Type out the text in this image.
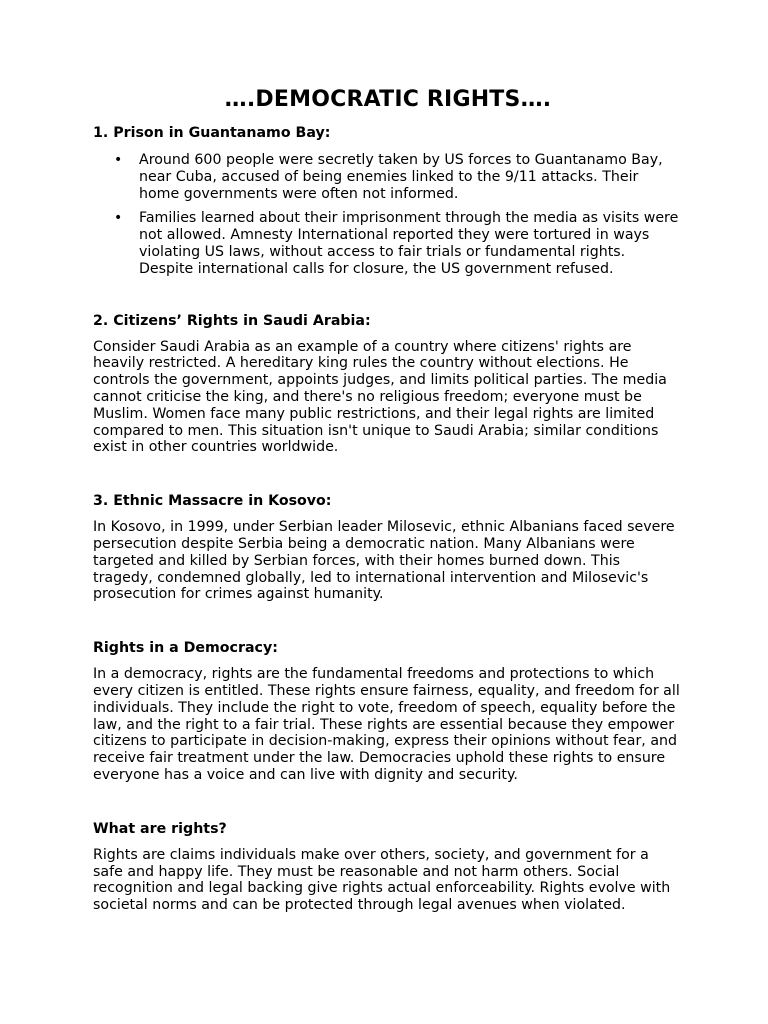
….DEMOCRATIC RIGHTS….
1. Prison in Guantanamo Bay:
• Around 600 people were secretly taken by US forces to Guantanamo Bay, near Cuba, accused of being enemies linked to the 9/11 attacks. Their home governments were often not informed.
• Families learned about their imprisonment through the media as visits were not allowed. Amnesty International reported they were tortured in ways violating US laws, without access to fair trials or fundamental rights. Despite international calls for closure, the US government refused.
2. Citizens’ Rights in Saudi Arabia:

Consider Saudi Arabia as an example of a country where citizens' rights are heavily restricted. A hereditary king rules the country without elections. He controls the government, appoints judges, and limits political parties. The media cannot criticise the king, and there's no religious freedom; everyone must be Muslim. Women face many public restrictions, and their legal rights are limited compared to men. This situation isn't unique to Saudi Arabia; similar conditions exist in other countries worldwide.

3. Ethnic Massacre in Kosovo:

In Kosovo, in 1999, under Serbian leader Milosevic, ethnic Albanians faced severe persecution despite Serbia being a democratic nation. Many Albanians were targeted and killed by Serbian forces, with their homes burned down. This tragedy, condemned globally, led to international intervention and Milosevic's prosecution for crimes against humanity.

Rights in a Democracy:

In a democracy, rights are the fundamental freedoms and protections to which every citizen is entitled. These rights ensure fairness, equality, and freedom for all individuals. They include the right to vote, freedom of speech, equality before the law, and the right to a fair trial. These rights are essential because they empower citizens to participate in decision-making, express their opinions without fear, and receive fair treatment under the law. Democracies uphold these rights to ensure everyone has a voice and can live with dignity and security.

What are rights?

Rights are claims individuals make over others, society, and government for a safe and happy life. They must be reasonable and not harm others. Social recognition and legal backing give rights actual enforceability. Rights evolve with societal norms and can be protected through legal avenues when violated.
